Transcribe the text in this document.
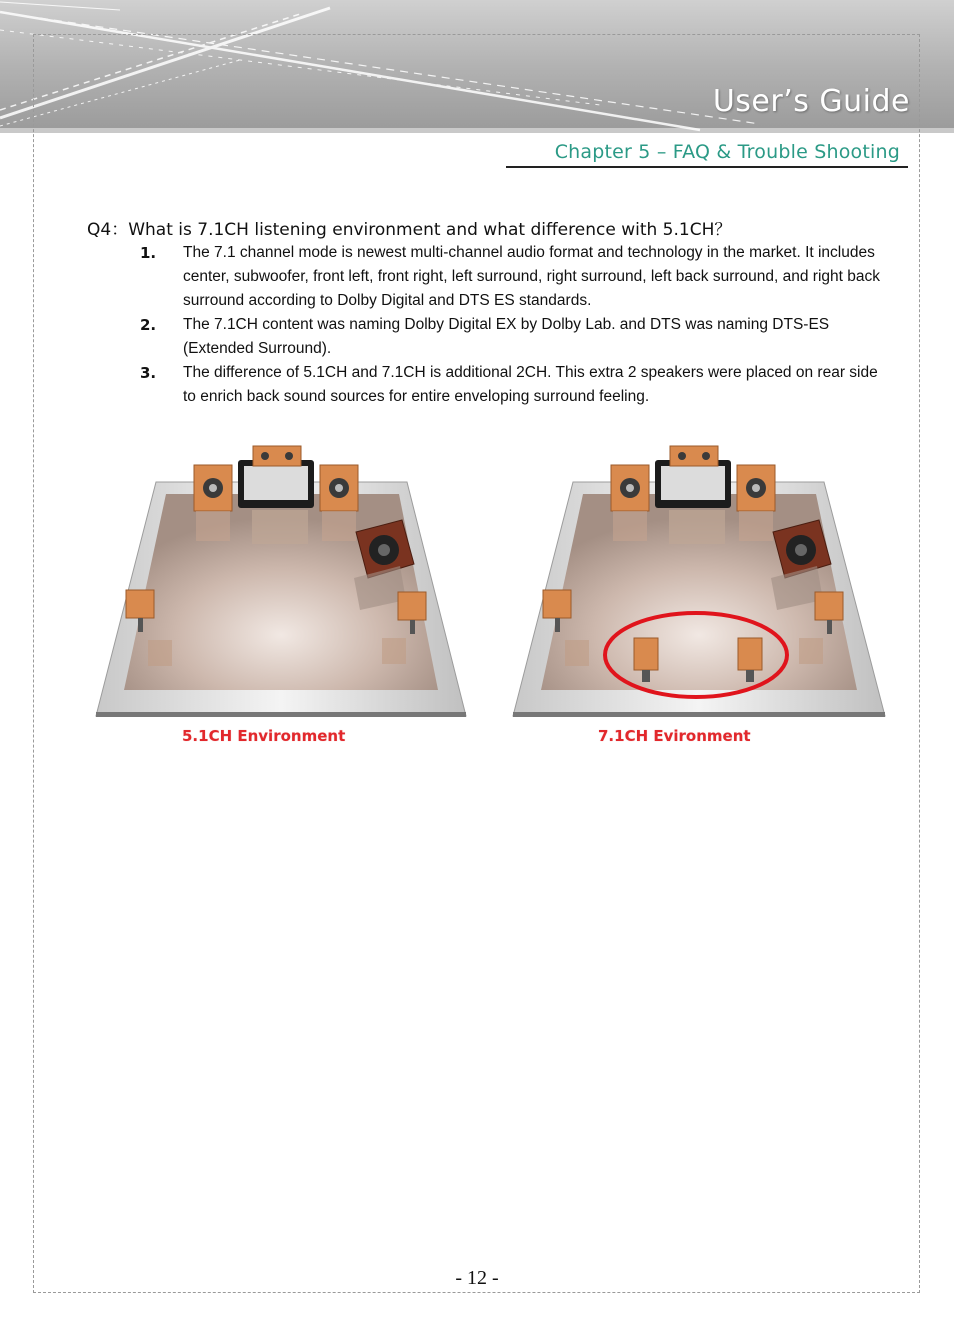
User’s Guide
Chapter 5 – FAQ & Trouble Shooting
Q4：What is 7.1CH listening environment and what difference with 5.1CH？
1. The 7.1 channel mode is newest multi-channel audio format and technology in the market. It includes center, subwoofer, front left, front right, left surround, right surround, left back surround, and right back surround according to Dolby Digital and DTS ES standards.
2. The 7.1CH content was naming Dolby Digital EX by Dolby Lab. and DTS was naming DTS-ES (Extended Surround).
3. The difference of 5.1CH and 7.1CH is additional 2CH. This extra 2 speakers were placed on rear side to enrich back sound sources for entire enveloping surround feeling.
5.1CH Environment	7.1CH Evironment
- 12 -
